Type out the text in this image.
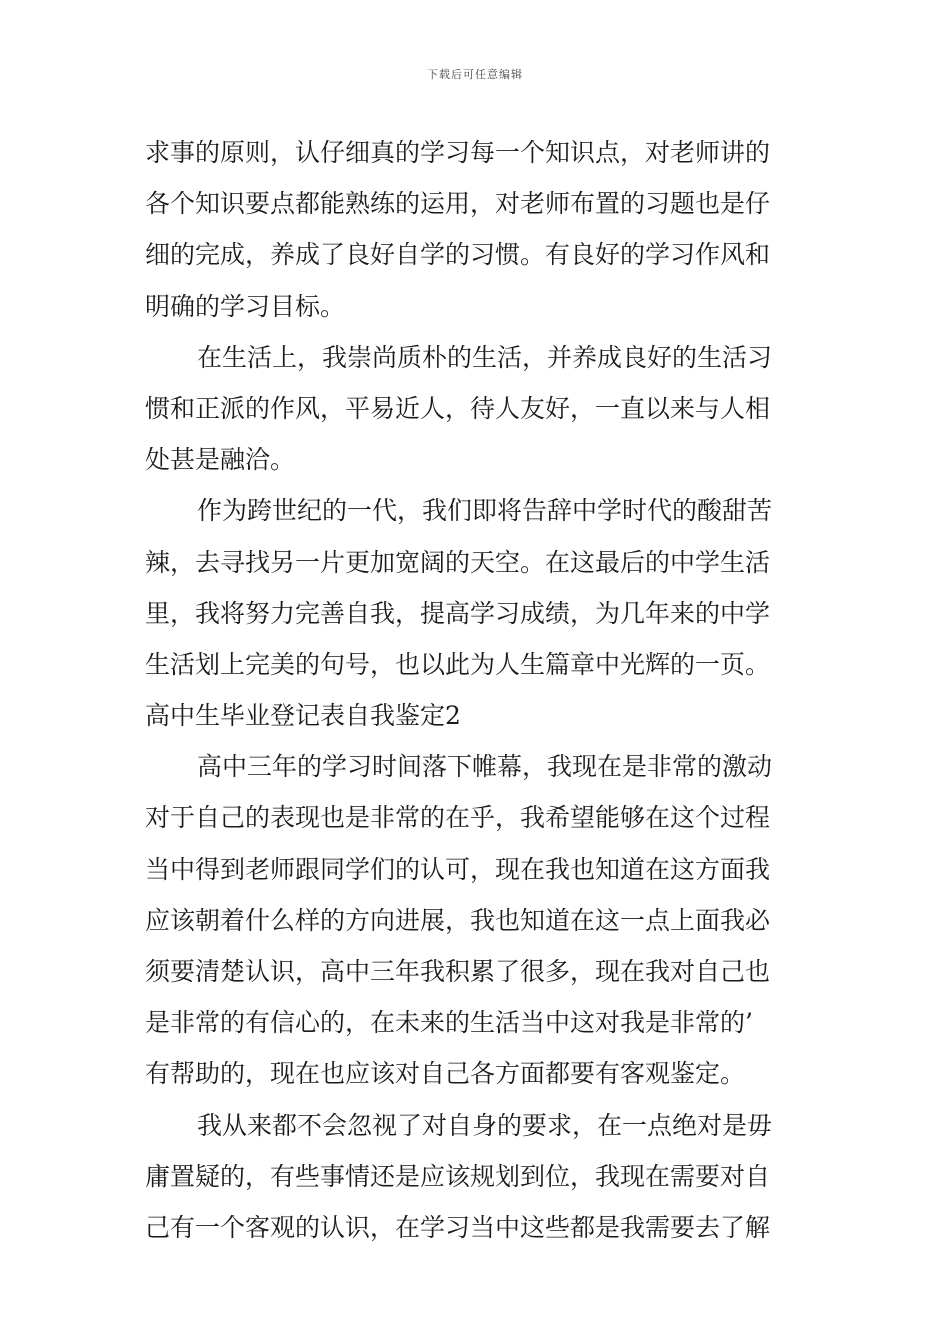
下载后可任意编辑
求事的原则，认仔细真的学习每一个知识点，对老师讲的
各个知识要点都能熟练的运用，对老师布置的习题也是仔
细的完成，养成了良好自学的习惯。有良好的学习作风和
明确的学习目标。
在生活上，我崇尚质朴的生活，并养成良好的生活习
惯和正派的作风，平易近人，待人友好，一直以来与人相
处甚是融洽。
作为跨世纪的一代，我们即将告辞中学时代的酸甜苦
辣，去寻找另一片更加宽阔的天空。在这最后的中学生活
里，我将努力完善自我，提高学习成绩，为几年来的中学
生活划上完美的句号，也以此为人生篇章中光辉的一页。
高中生毕业登记表自我鉴定2
高中三年的学习时间落下帷幕，我现在是非常的激动
对于自己的表现也是非常的在乎，我希望能够在这个过程
当中得到老师跟同学们的认可，现在我也知道在这方面我
应该朝着什么样的方向进展，我也知道在这一点上面我必
须要清楚认识，高中三年我积累了很多，现在我对自己也
是非常的有信心的，在未来的生活当中这对我是非常的’
有帮助的，现在也应该对自己各方面都要有客观鉴定。
我从来都不会忽视了对自身的要求，在一点绝对是毋
庸置疑的，有些事情还是应该规划到位，我现在需要对自
己有一个客观的认识，在学习当中这些都是我需要去了解
